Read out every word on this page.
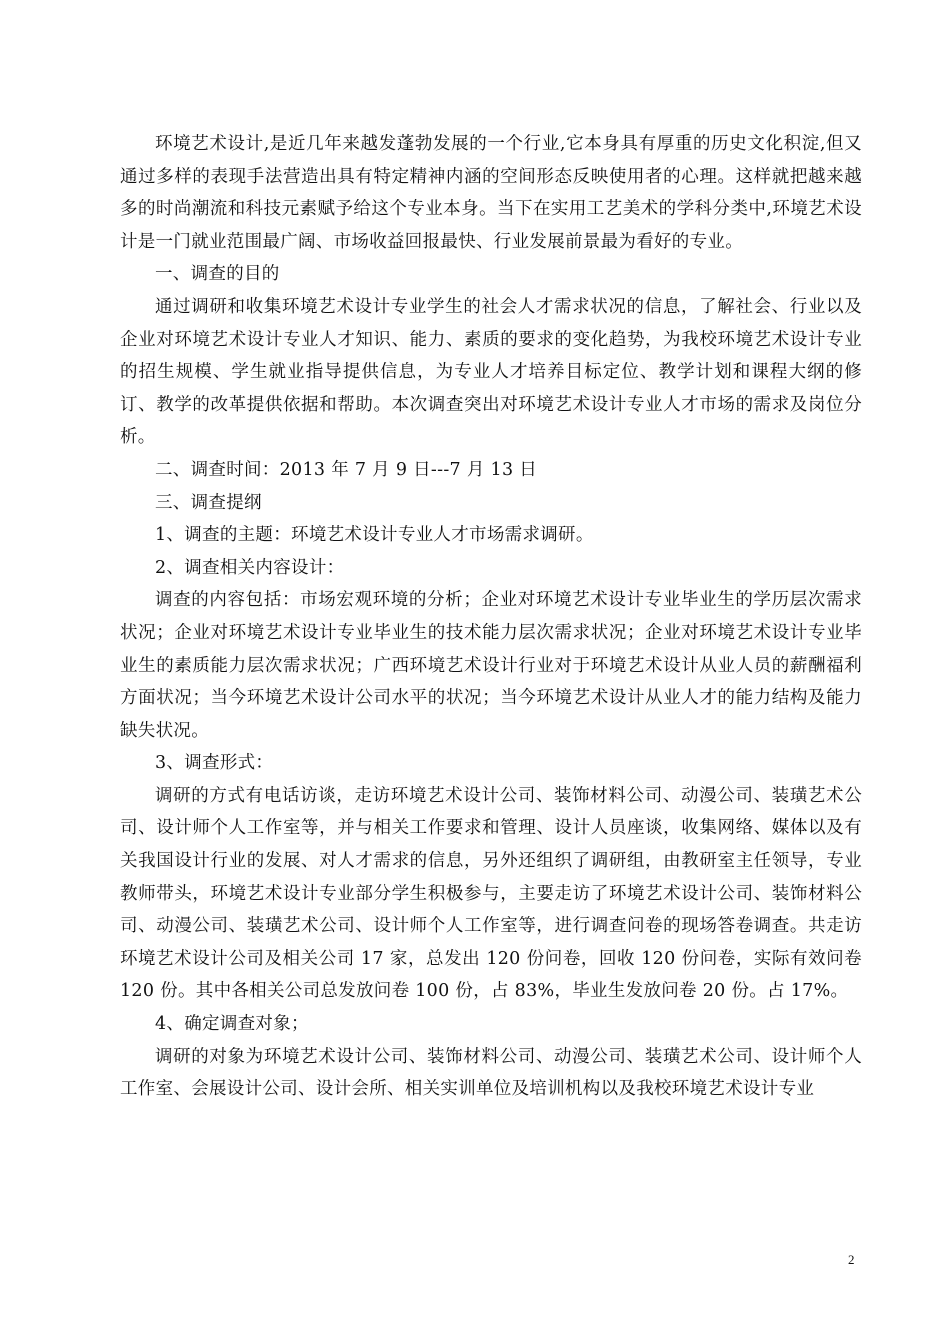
环境艺术设计,是近几年来越发蓬勃发展的一个行业,它本身具有厚重的历史文化积淀,但又通过多样的表现手法营造出具有特定精神内涵的空间形态反映使用者的心理。这样就把越来越多的时尚潮流和科技元素赋予给这个专业本身。当下在实用工艺美术的学科分类中,环境艺术设计是一门就业范围最广阔、市场收益回报最快、行业发展前景最为看好的专业。

一、调查的目的

通过调研和收集环境艺术设计专业学生的社会人才需求状况的信息，了解社会、行业以及企业对环境艺术设计专业人才知识、能力、素质的要求的变化趋势，为我校环境艺术设计专业的招生规模、学生就业指导提供信息，为专业人才培养目标定位、教学计划和课程大纲的修订、教学的改革提供依据和帮助。本次调查突出对环境艺术设计专业人才市场的需求及岗位分析。

二、调查时间：2013 年 7 月 9 日---7 月 13 日

三、调查提纲

1、调查的主题：环境艺术设计专业人才市场需求调研。

2、调查相关内容设计：

调查的内容包括：市场宏观环境的分析；企业对环境艺术设计专业毕业生的学历层次需求状况；企业对环境艺术设计专业毕业生的技术能力层次需求状况；企业对环境艺术设计专业毕业生的素质能力层次需求状况；广西环境艺术设计行业对于环境艺术设计从业人员的薪酬福利方面状况；当今环境艺术设计公司水平的状况；当今环境艺术设计从业人才的能力结构及能力缺失状况。

3、调查形式：

调研的方式有电话访谈，走访环境艺术设计公司、装饰材料公司、动漫公司、装璜艺术公司、设计师个人工作室等，并与相关工作要求和管理、设计人员座谈，收集网络、媒体以及有关我国设计行业的发展、对人才需求的信息，另外还组织了调研组，由教研室主任领导，专业教师带头，环境艺术设计专业部分学生积极参与，主要走访了环境艺术设计公司、装饰材料公司、动漫公司、装璜艺术公司、设计师个人工作室等，进行调查问卷的现场答卷调查。共走访环境艺术设计公司及相关公司 17 家，总发出 120 份问卷，回收 120 份问卷，实际有效问卷 120 份。其中各相关公司总发放问卷 100 份，占 83%，毕业生发放问卷 20 份。占 17%。

4、确定调查对象；

调研的对象为环境艺术设计公司、装饰材料公司、动漫公司、装璜艺术公司、设计师个人工作室、会展设计公司、设计会所、相关实训单位及培训机构以及我校环境艺术设计专业

2
